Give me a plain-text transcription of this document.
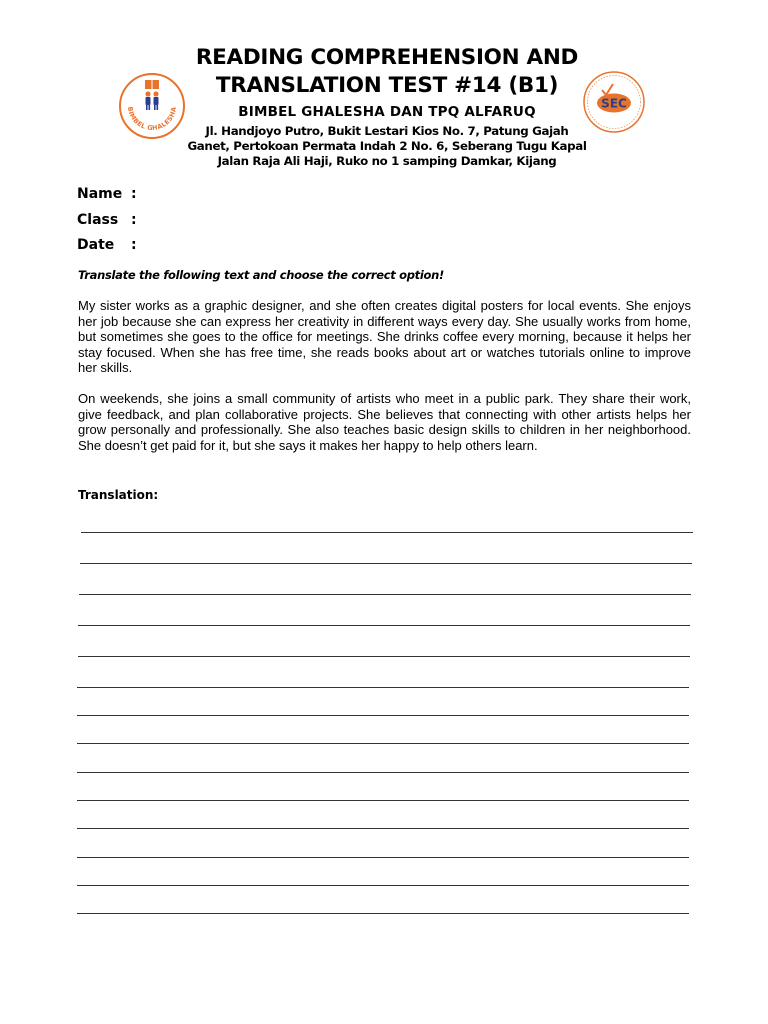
READING COMPREHENSION AND
TRANSLATION TEST #14 (B1)
BIMBEL GHALESHA DAN TPQ ALFARUQ
Jl. Handjoyo Putro, Bukit Lestari Kios No. 7, Patung Gajah
Ganet, Pertokoan Permata Indah 2 No. 6, Seberang Tugu Kapal
Jalan Raja Ali Haji, Ruko no 1 samping Damkar, Kijang
BIMBEL GHALESHA	SEC
Name :
Class :
Date :
Translate the following text and choose the correct option!
My sister works as a graphic designer, and she often creates digital posters for local events. She enjoys her job because she can express her creativity in different ways every day. She usually works from home, but sometimes she goes to the office for meetings. She drinks coffee every morning, because it helps her stay focused. When she has free time, she reads books about art or watches tutorials online to improve her skills.
On weekends, she joins a small community of artists who meet in a public park. They share their work, give feedback, and plan collaborative projects. She believes that connecting with other artists helps her grow personally and professionally. She also teaches basic design skills to children in her neighborhood. She doesn’t get paid for it, but she says it makes her happy to help others learn.
Translation:
